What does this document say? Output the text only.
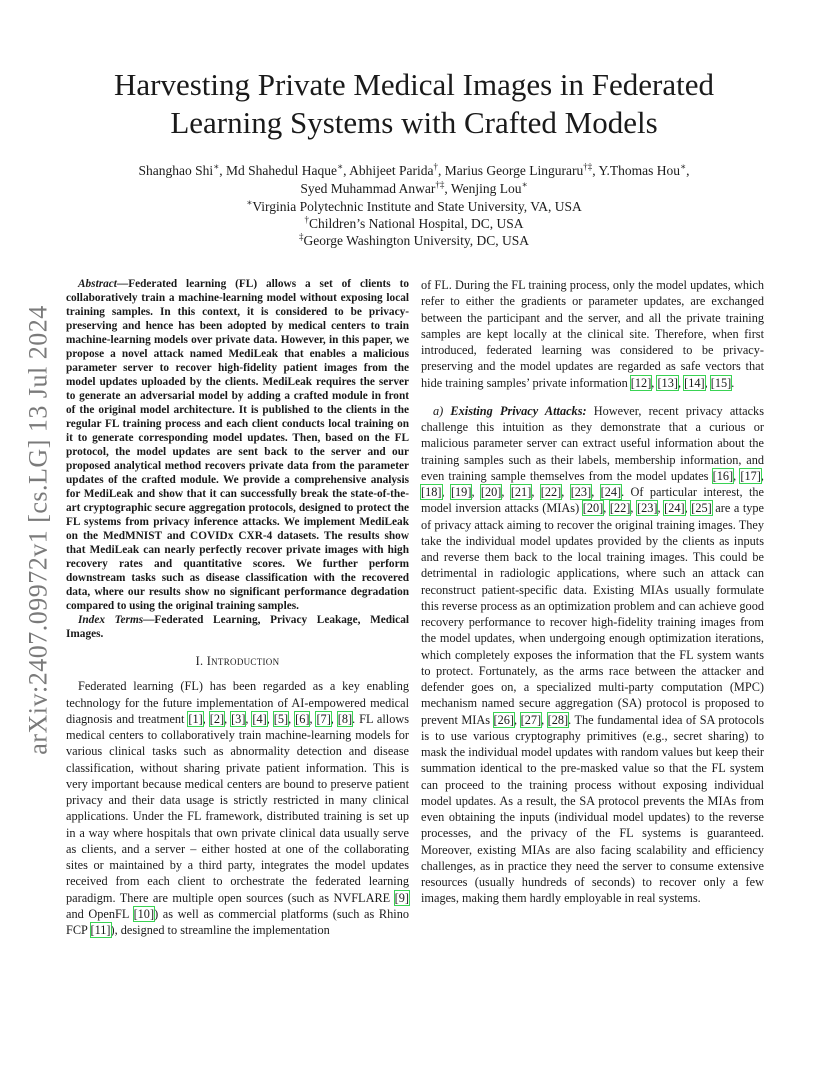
arXiv:2407.09972v1 [cs.LG] 13 Jul 2024
Harvesting Private Medical Images in Federated Learning Systems with Crafted Models
Shanghao Shi∗, Md Shahedul Haque∗, Abhijeet Parida†, Marius George Linguraru†‡, Y.Thomas Hou∗,
Syed Muhammad Anwar†‡, Wenjing Lou∗
∗Virginia Polytechnic Institute and State University, VA, USA
†Children’s National Hospital, DC, USA
‡George Washington University, DC, USA

Abstract—Federated learning (FL) allows a set of clients to collaboratively train a machine-learning model without exposing local training samples. In this context, it is considered to be privacy-preserving and hence has been adopted by medical centers to train machine-learning models over private data. However, in this paper, we propose a novel attack named MediLeak that enables a malicious parameter server to recover high-fidelity patient images from the model updates uploaded by the clients. MediLeak requires the server to generate an adversarial model by adding a crafted module in front of the original model architecture. It is published to the clients in the regular FL training process and each client conducts local training on it to generate corresponding model updates. Then, based on the FL protocol, the model updates are sent back to the server and our proposed analytical method recovers private data from the parameter updates of the crafted module. We provide a comprehensive analysis for MediLeak and show that it can successfully break the state-of-the-art cryptographic secure aggregation protocols, designed to protect the FL systems from privacy inference attacks. We implement MediLeak on the MedMNIST and COVIDx CXR-4 datasets. The results show that MediLeak can nearly perfectly recover private images with high recovery rates and quantitative scores. We further perform downstream tasks such as disease classification with the recovered data, where our results show no significant performance degradation compared to using the original training samples.

Index Terms—Federated Learning, Privacy Leakage, Medical Images.

I. Introduction

Federated learning (FL) has been regarded as a key enabling technology for the future implementation of AI-empowered medical diagnosis and treatment [1], [2], [3], [4], [5], [6], [7], [8]. FL allows medical centers to collaboratively train machine-learning models for various clinical tasks such as abnormality detection and disease classification, without sharing private patient information. This is very important because medical centers are bound to preserve patient privacy and their data usage is strictly restricted in many clinical applications. Under the FL framework, distributed training is set up in a way where hospitals that own private clinical data usually serve as clients, and a server – either hosted at one of the collaborating sites or maintained by a third party, integrates the model updates received from each client to orchestrate the federated learning paradigm. There are multiple open sources (such as NVFLARE [9] and OpenFL [10]) as well as commercial platforms (such as Rhino FCP [11]), designed to streamline the implementation

of FL. During the FL training process, only the model updates, which refer to either the gradients or parameter updates, are exchanged between the participant and the server, and all the private training samples are kept locally at the clinical site. Therefore, when first introduced, federated learning was considered to be privacy-preserving and the model updates are regarded as safe vectors that hide training samples’ private information [12], [13], [14], [15].

a) Existing Privacy Attacks: However, recent privacy attacks challenge this intuition as they demonstrate that a curious or malicious parameter server can extract useful information about the training samples such as their labels, membership information, and even training sample themselves from the model updates [16], [17], [18], [19], [20], [21], [22], [23], [24]. Of particular interest, the model inversion attacks (MIAs) [20], [22], [23], [24], [25] are a type of privacy attack aiming to recover the original training images. They take the individual model updates provided by the clients as inputs and reverse them back to the local training images. This could be detrimental in radiologic applications, where such an attack can reconstruct patient-specific data. Existing MIAs usually formulate this reverse process as an optimization problem and can achieve good recovery performance to recover high-fidelity training images from the model updates, when undergoing enough optimization iterations, which completely exposes the information that the FL system wants to protect. Fortunately, as the arms race between the attacker and defender goes on, a specialized multi-party computation (MPC) mechanism named secure aggregation (SA) protocol is proposed to prevent MIAs [26], [27], [28]. The fundamental idea of SA protocols is to use various cryptography primitives (e.g., secret sharing) to mask the individual model updates with random values but keep their summation identical to the pre-masked value so that the FL system can proceed to the training process without exposing individual model updates. As a result, the SA protocol prevents the MIAs from even obtaining the inputs (individual model updates) to the reverse processes, and the privacy of the FL systems is guaranteed. Moreover, existing MIAs are also facing scalability and efficiency challenges, as in practice they need the server to consume extensive resources (usually hundreds of seconds) to recover only a few images, making them hardly employable in real systems.
